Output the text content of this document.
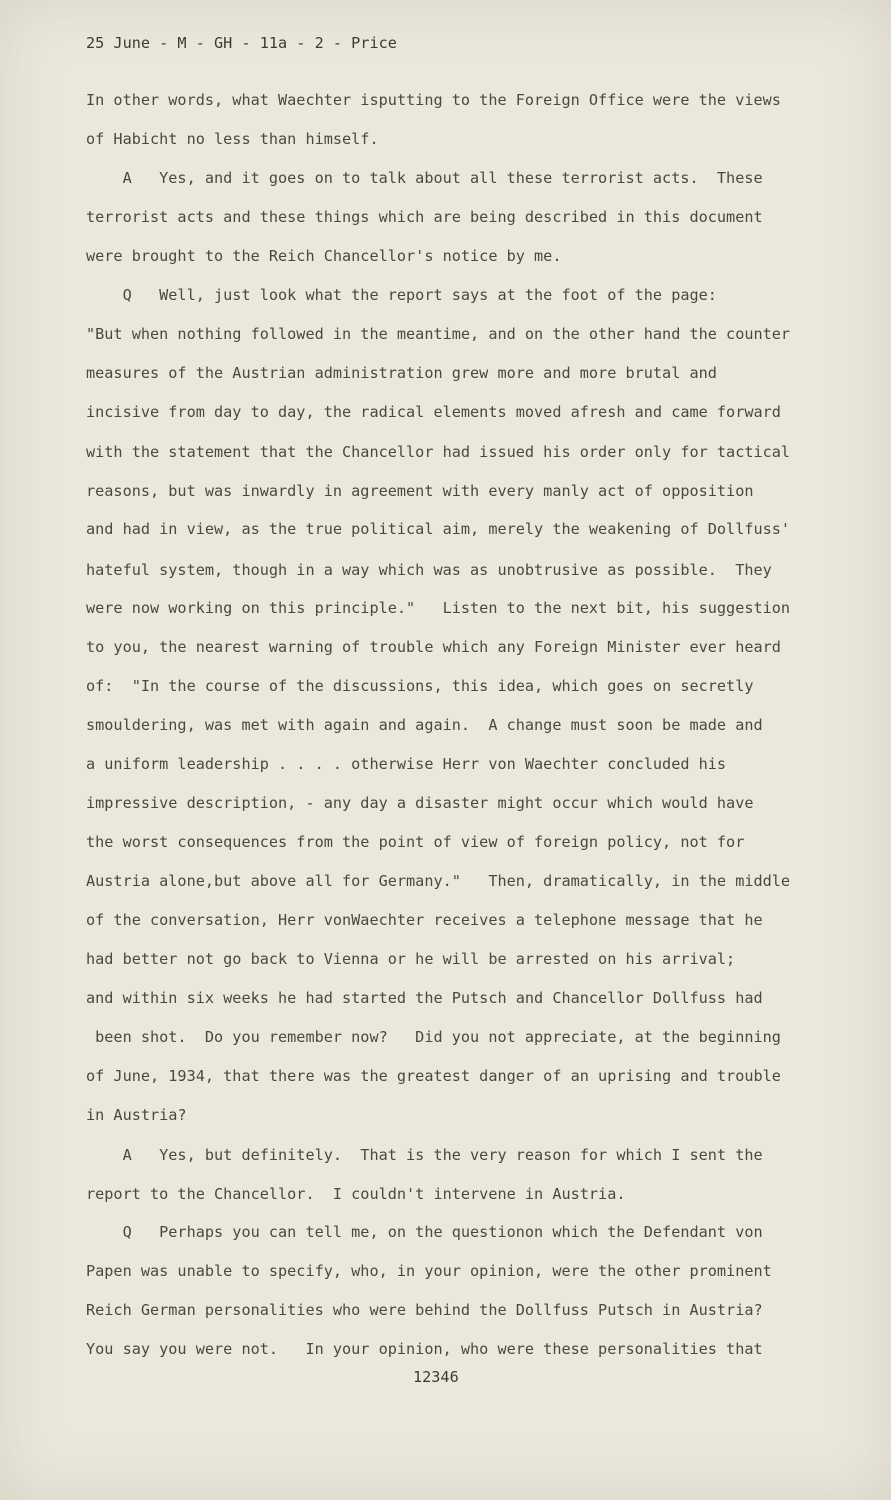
25 June - M - GH - 11a - 2 - Price
In other words, what Waechter isputting to the Foreign Office were the views
of Habicht no less than himself.
A   Yes, and it goes on to talk about all these terrorist acts.  These
terrorist acts and these things which are being described in this document
were brought to the Reich Chancellor's notice by me.
Q   Well, just look what the report says at the foot of the page:
"But when nothing followed in the meantime, and on the other hand the counter
measures of the Austrian administration grew more and more brutal and
incisive from day to day, the radical elements moved afresh and came forward
with the statement that the Chancellor had issued his order only for tactical
reasons, but was inwardly in agreement with every manly act of opposition
and had in view, as the true political aim, merely the weakening of Dollfuss'
hateful system, though in a way which was as unobtrusive as possible.  They
were now working on this principle."   Listen to the next bit, his suggestion
to you, the nearest warning of trouble which any Foreign Minister ever heard
of:  "In the course of the discussions, this idea, which goes on secretly
smouldering, was met with again and again.  A change must soon be made and
a uniform leadership . . . . otherwise Herr von Waechter concluded his
impressive description, - any day a disaster might occur which would have
the worst consequences from the point of view of foreign policy, not for
Austria alone,but above all for Germany."   Then, dramatically, in the middle
of the conversation, Herr vonWaechter receives a telephone message that he
had better not go back to Vienna or he will be arrested on his arrival;
and within six weeks he had started the Putsch and Chancellor Dollfuss had
been shot.  Do you remember now?   Did you not appreciate, at the beginning
of June, 1934, that there was the greatest danger of an uprising and trouble
in Austria?
A   Yes, but definitely.  That is the very reason for which I sent the
report to the Chancellor.  I couldn't intervene in Austria.
Q   Perhaps you can tell me, on the questionon which the Defendant von
Papen was unable to specify, who, in your opinion, were the other prominent
Reich German personalities who were behind the Dollfuss Putsch in Austria?
You say you were not.   In your opinion, who were these personalities that
12346
